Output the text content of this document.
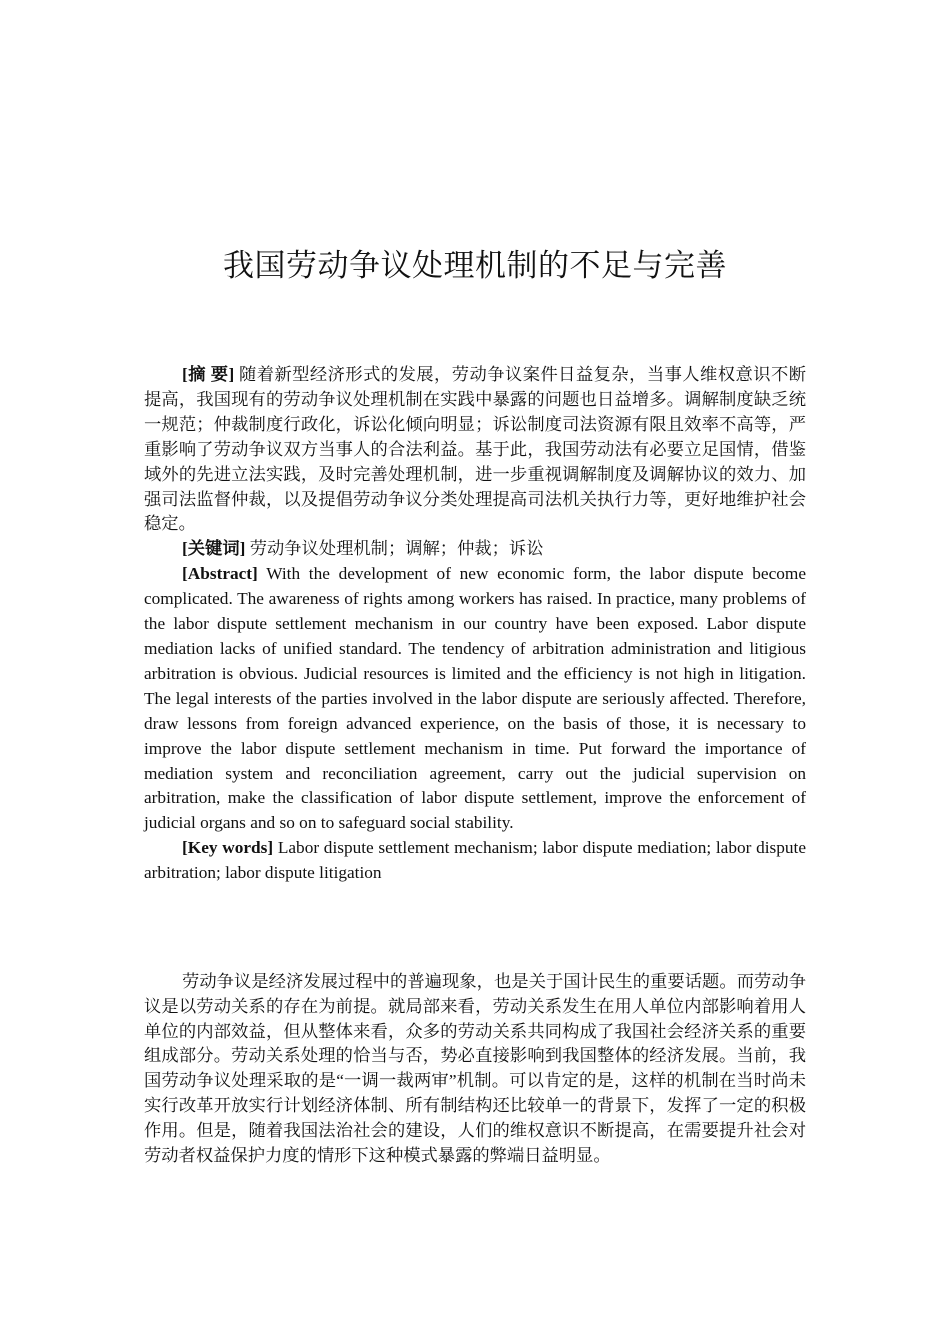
我国劳动争议处理机制的不足与完善

[摘 要] 随着新型经济形式的发展，劳动争议案件日益复杂，当事人维权意识不断提高，我国现有的劳动争议处理机制在实践中暴露的问题也日益增多。调解制度缺乏统一规范；仲裁制度行政化，诉讼化倾向明显；诉讼制度司法资源有限且效率不高等，严重影响了劳动争议双方当事人的合法利益。基于此，我国劳动法有必要立足国情，借鉴域外的先进立法实践，及时完善处理机制，进一步重视调解制度及调解协议的效力、加强司法监督仲裁，以及提倡劳动争议分类处理提高司法机关执行力等，更好地维护社会稳定。

[关键词] 劳动争议处理机制；调解；仲裁；诉讼

[Abstract] With the development of new economic form, the labor dispute become complicated. The awareness of rights among workers has raised. In practice, many problems of the labor dispute settlement mechanism in our country have been exposed. Labor dispute mediation lacks of unified standard. The tendency of arbitration administration and litigious arbitration is obvious. Judicial resources is limited and the efficiency is not high in litigation. The legal interests of the parties involved in the labor dispute are seriously affected. Therefore, draw lessons from foreign advanced experience, on the basis of those, it is necessary to improve the labor dispute settlement mechanism in time. Put forward the importance of mediation system and reconciliation agreement, carry out the judicial supervision on arbitration, make the classification of labor dispute settlement, improve the enforcement of judicial organs and so on to safeguard social stability.

[Key words] Labor dispute settlement mechanism; labor dispute mediation; labor dispute arbitration; labor dispute litigation

劳动争议是经济发展过程中的普遍现象，也是关于国计民生的重要话题。而劳动争议是以劳动关系的存在为前提。就局部来看，劳动关系发生在用人单位内部影响着用人单位的内部效益，但从整体来看，众多的劳动关系共同构成了我国社会经济关系的重要组成部分。劳动关系处理的恰当与否，势必直接影响到我国整体的经济发展。当前，我国劳动争议处理采取的是“一调一裁两审”机制。可以肯定的是，这样的机制在当时尚未实行改革开放实行计划经济体制、所有制结构还比较单一的背景下，发挥了一定的积极作用。但是，随着我国法治社会的建设，人们的维权意识不断提高，在需要提升社会对劳动者权益保护力度的情形下这种模式暴露的弊端日益明显。
